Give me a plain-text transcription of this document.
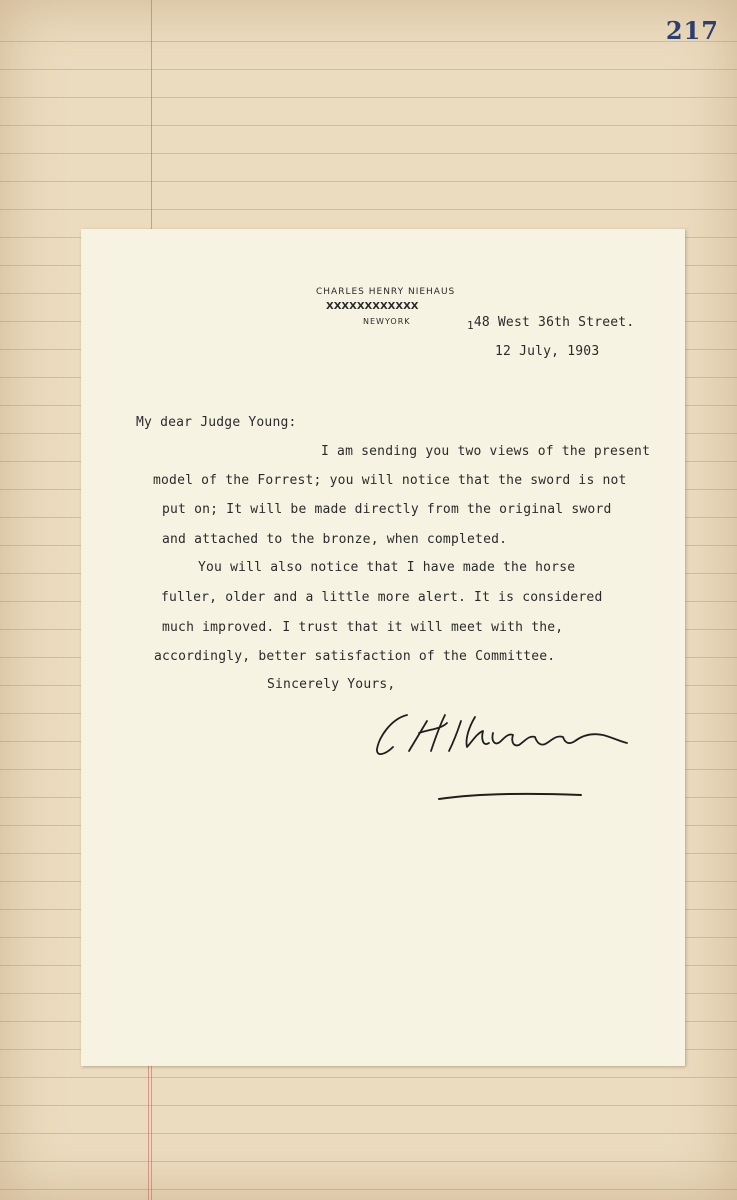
217
CHARLES HENRY NIEHAUS
XXXXXXXXXXXX
NEWYORK	$_1$48 West 36th Street.
12 July, 1903
My dear Judge Young:
I am sending you two views of the present
model of the Forrest; you will notice that the sword is not
put on; It will be made directly from the original sword
and attached to the bronze, when completed.
You will also notice that I have made the horse
fuller, older and a little more alert. It is considered
much improved. I trust that it will meet with the,
accordingly, better satisfaction of the Committee.
Sincerely Yours,
C. H. Niehaus
